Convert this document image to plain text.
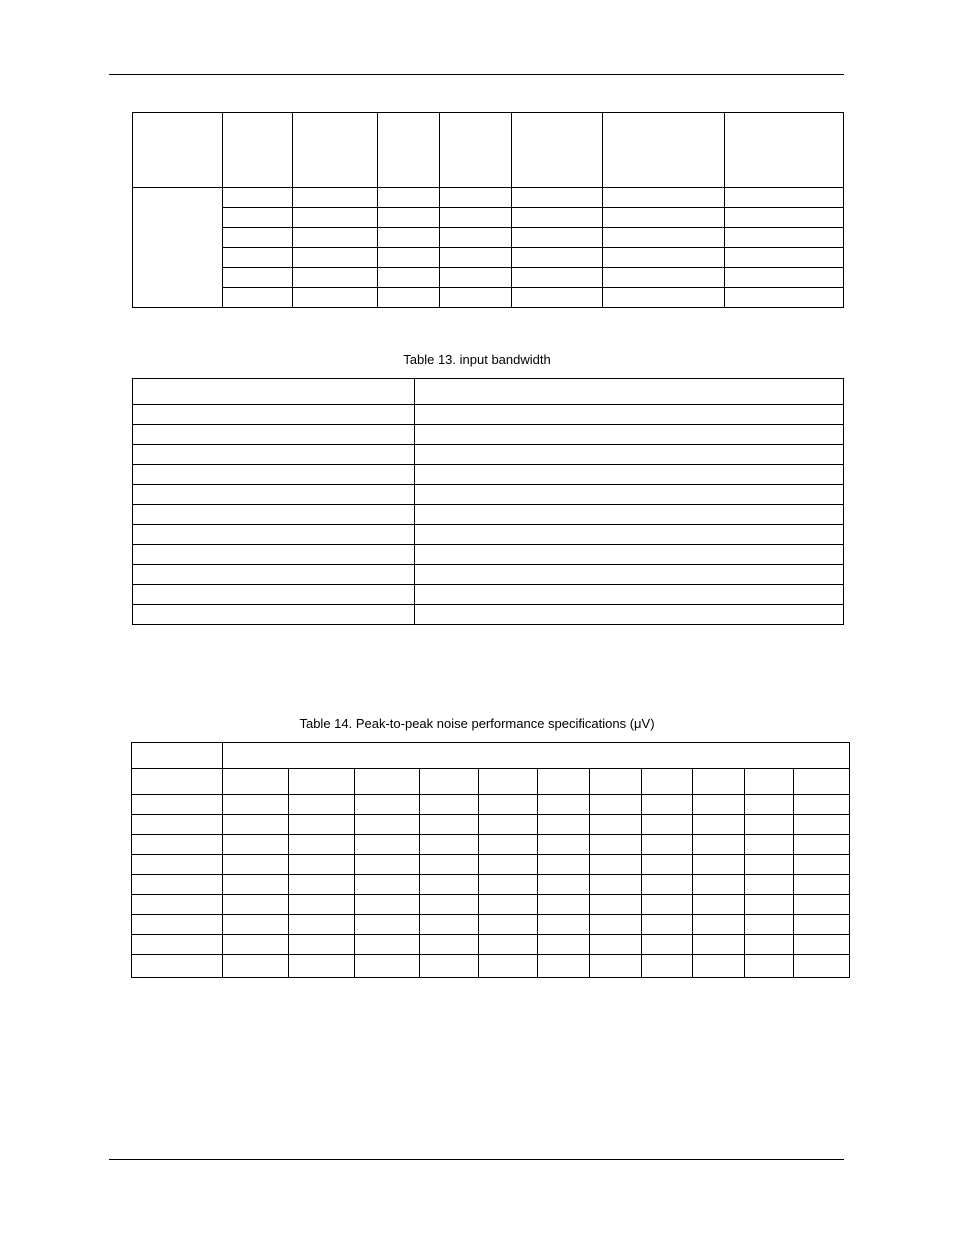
Table 13. input bandwidth

Table 14. Peak-to-peak noise performance specifications (μV)
